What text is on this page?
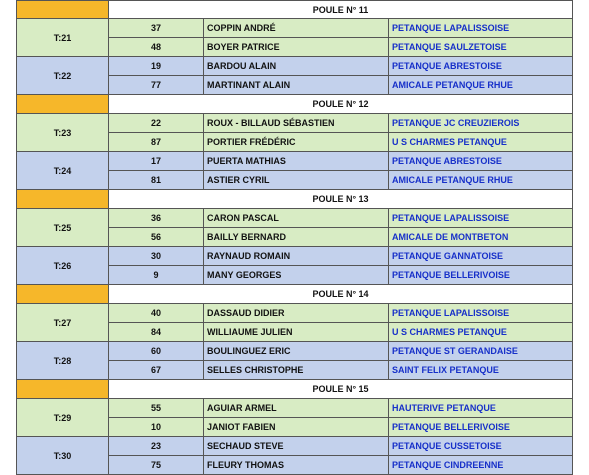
POULE N° 11
T:21
37	COPPIN ANDRÉ	PETANQUE LAPALISSOISE
48	BOYER PATRICE	PETANQUE SAULZETOISE
T:22
19	BARDOU ALAIN	PETANQUE ABRESTOISE
77	MARTINANT ALAIN	AMICALE PETANQUE RHUE
POULE N° 12
T:23
22	ROUX - BILLAUD SÉBASTIEN	PETANQUE JC CREUZIEROIS
87	PORTIER FRÉDÉRIC	U S CHARMES PETANQUE
T:24
17	PUERTA MATHIAS	PETANQUE ABRESTOISE
81	ASTIER CYRIL	AMICALE PETANQUE RHUE
POULE N° 13
T:25
36	CARON PASCAL	PETANQUE LAPALISSOISE
56	BAILLY BERNARD	AMICALE DE MONTBETON
T:26
30	RAYNAUD ROMAIN	PETANQUE GANNATOISE
9	MANY GEORGES	PETANQUE BELLERIVOISE
POULE N° 14
T:27
40	DASSAUD DIDIER	PETANQUE LAPALISSOISE
84	WILLIAUME JULIEN	U S CHARMES PETANQUE
T:28
60	BOULINGUEZ ERIC	PETANQUE ST GERANDAISE
67	SELLES CHRISTOPHE	SAINT FELIX PETANQUE
POULE N° 15
T:29
55	AGUIAR ARMEL	HAUTERIVE PETANQUE
10	JANIOT FABIEN	PETANQUE BELLERIVOISE
T:30
23	SECHAUD STEVE	PETANQUE CUSSETOISE
75	FLEURY THOMAS	PETANQUE CINDREENNE
